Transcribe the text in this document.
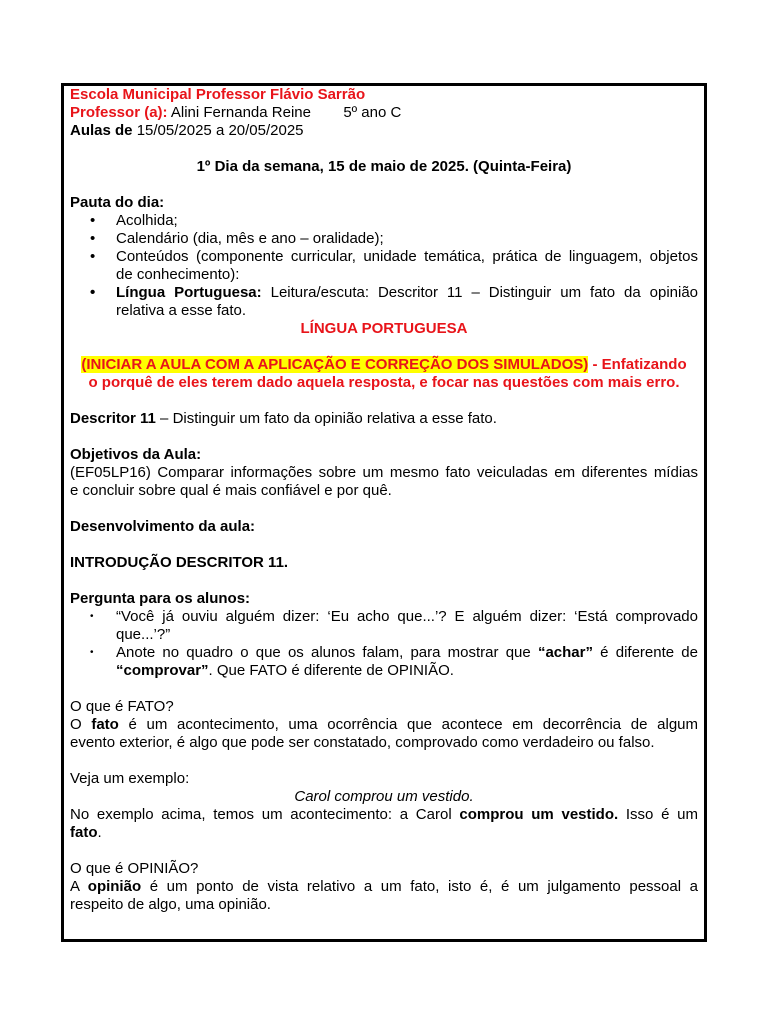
Escola Municipal Professor Flávio Sarrão
Professor (a): Alini Fernanda Reine 5º ano C
Aulas de 15/05/2025 a 20/05/2025
1º Dia da semana, 15 de maio de 2025. (Quinta-Feira)
Pauta do dia:
• Acolhida;
• Calendário (dia, mês e ano – oralidade);
• Conteúdos (componente curricular, unidade temática, prática de linguagem, objetos
de conhecimento):
• Língua Portuguesa: Leitura/escuta: Descritor 11 – Distinguir um fato da opinião
relativa a esse fato.
LÍNGUA PORTUGUESA
(INICIAR A AULA COM A APLICAÇÃO E CORREÇÃO DOS SIMULADOS) - Enfatizando
o porquê de eles terem dado aquela resposta, e focar nas questões com mais erro.
Descritor 11 – Distinguir um fato da opinião relativa a esse fato.
Objetivos da Aula:
(EF05LP16) Comparar informações sobre um mesmo fato veiculadas em diferentes mídias
e concluir sobre qual é mais confiável e por quê.
Desenvolvimento da aula:
INTRODUÇÃO DESCRITOR 11.
Pergunta para os alunos:
• “Você já ouviu alguém dizer: ‘Eu acho que...’? E alguém dizer: ‘Está comprovado
que...’?”
• Anote no quadro o que os alunos falam, para mostrar que “achar” é diferente de
“comprovar”. Que FATO é diferente de OPINIÃO.
O que é FATO?
O fato é um acontecimento, uma ocorrência que acontece em decorrência de algum
evento exterior, é algo que pode ser constatado, comprovado como verdadeiro ou falso.
Veja um exemplo:
Carol comprou um vestido.
No exemplo acima, temos um acontecimento: a Carol comprou um vestido. Isso é um
fato.
O que é OPINIÃO?
A opinião é um ponto de vista relativo a um fato, isto é, é um julgamento pessoal a
respeito de algo, uma opinião.
